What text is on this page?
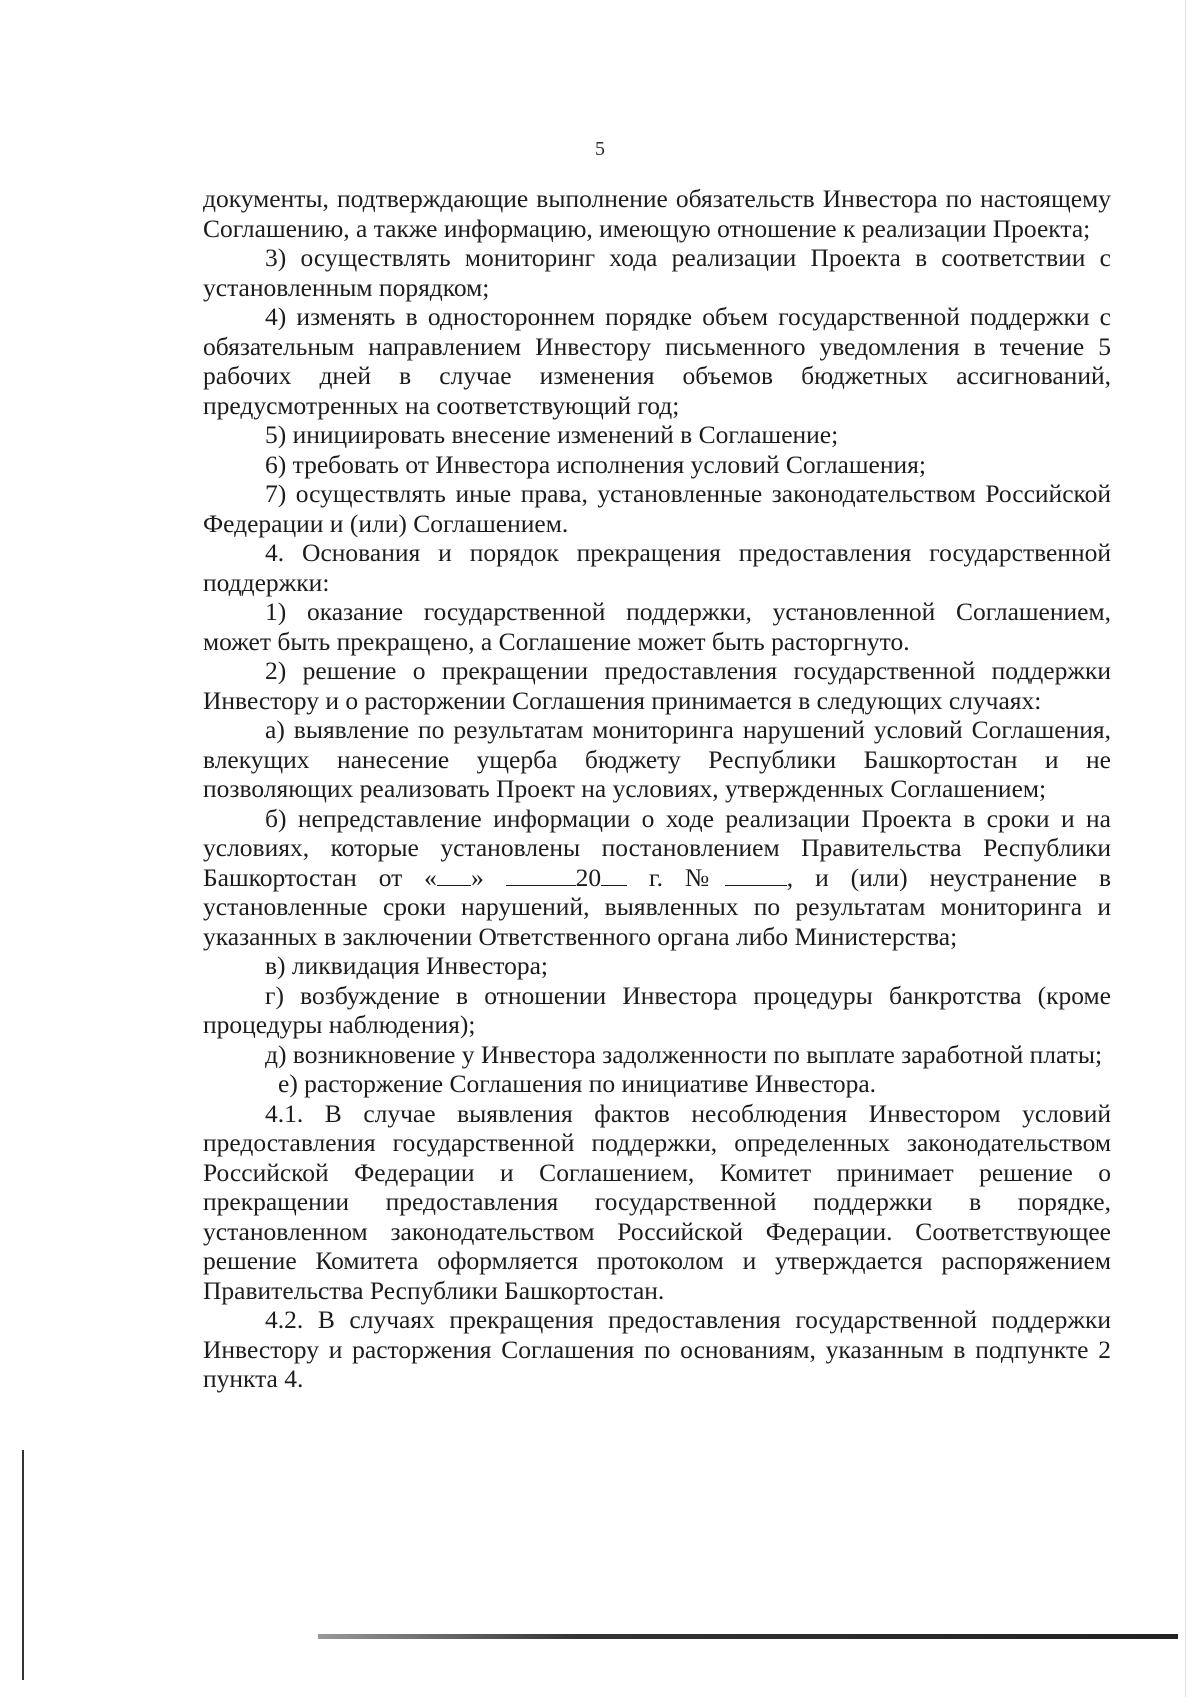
5

документы, подтверждающие выполнение обязательств Инвестора по настоящему Соглашению, а также информацию, имеющую отношение к реализации Проекта;

3) осуществлять мониторинг хода реализации Проекта в соответствии с установленным порядком;

4) изменять в одностороннем порядке объем государственной поддержки с обязательным направлением Инвестору письменного уведомления в течение 5 рабочих дней в случае изменения объемов бюджетных ассигнований, предусмотренных на соответствующий год;

5) инициировать внесение изменений в Соглашение;

6) требовать от Инвестора исполнения условий Соглашения;

7) осуществлять иные права, установленные законодательством Российской Федерации и (или) Соглашением.

4. Основания и порядок прекращения предоставления государственной поддержки:

1) оказание государственной поддержки, установленной Соглашением, может быть прекращено, а Соглашение может быть расторгнуто.

2) решение о прекращении предоставления государственной поддержки Инвестору и о расторжении Соглашения принимается в следующих случаях:

а) выявление по результатам мониторинга нарушений условий Соглашения, влекущих нанесение ущерба бюджету Республики Башкортостан и не позволяющих реализовать Проект на условиях, утвержденных Соглашением;

б) непредставление информации о ходе реализации Проекта в сроки и на условиях, которые установлены постановлением Правительства Республики Башкортостан от « »	20 г. № , и (или) неустранение в установленные сроки нарушений, выявленных по результатам мониторинга и указанных в заключении Ответственного органа либо Министерства;

в) ликвидация Инвестора;

г) возбуждение в отношении Инвестора процедуры банкротства (кроме процедуры наблюдения);

д) возникновение у Инвестора задолженности по выплате заработной платы;

е) расторжение Соглашения по инициативе Инвестора.

4.1. В случае выявления фактов несоблюдения Инвестором условий предоставления государственной поддержки, определенных законодательством Российской Федерации и Соглашением, Комитет принимает решение о прекращении предоставления государственной поддержки в порядке, установленном законодательством Российской Федерации. Соответствующее решение Комитета оформляется протоколом и утверждается распоряжением Правительства Республики Башкортостан.

4.2. В случаях прекращения предоставления государственной поддержки Инвестору и расторжения Соглашения по основаниям, указанным в подпункте 2 пункта 4.
